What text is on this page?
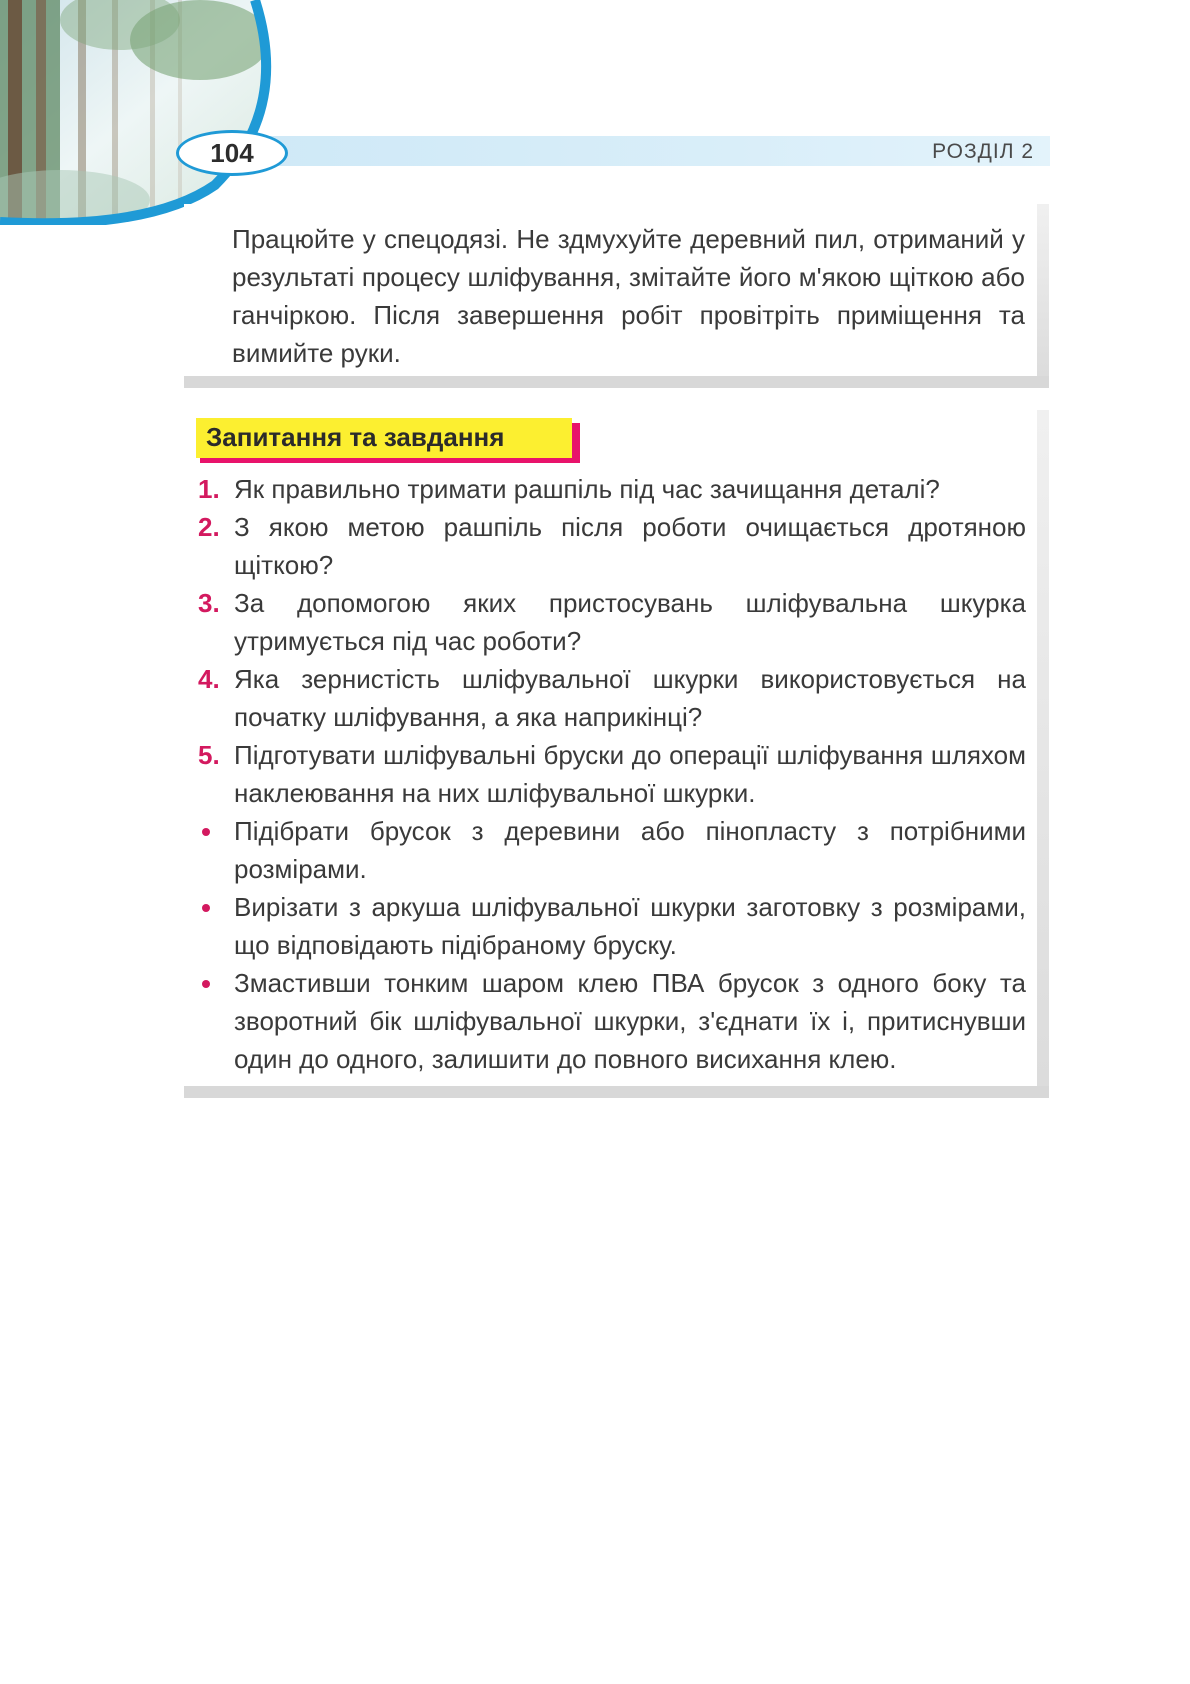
РОЗДІЛ 2
104
Працюйте у спецодязі. Не здмухуйте деревний пил, отриманий у результаті процесу шліфування, змітайте його м'якою щіткою або ганчіркою. Після завершення робіт провітріть приміщення та вимийте руки.
Запитання та завдання
1. Як правильно тримати рашпіль під час зачищання деталі?
2. З якою метою рашпіль після роботи очищається дротяною щіткою?
3. За допомогою яких пристосувань шліфувальна шкурка утримується під час роботи?
4. Яка зернистість шліфувальної шкурки використовується на початку шліфування, а яка наприкінці?
5. Підготувати шліфувальні бруски до операції шліфування шляхом наклеювання на них шліфувальної шкурки.
Підібрати брусок з деревини або пінопласту з потрібними розмірами.
Вирізати з аркуша шліфувальної шкурки заготовку з розмірами, що відповідають підібраному бруску.
Змастивши тонким шаром клею ПВА брусок з одного боку та зворотний бік шліфувальної шкурки, з'єднати їх і, притиснувши один до одного, залишити до повного висихання клею.
